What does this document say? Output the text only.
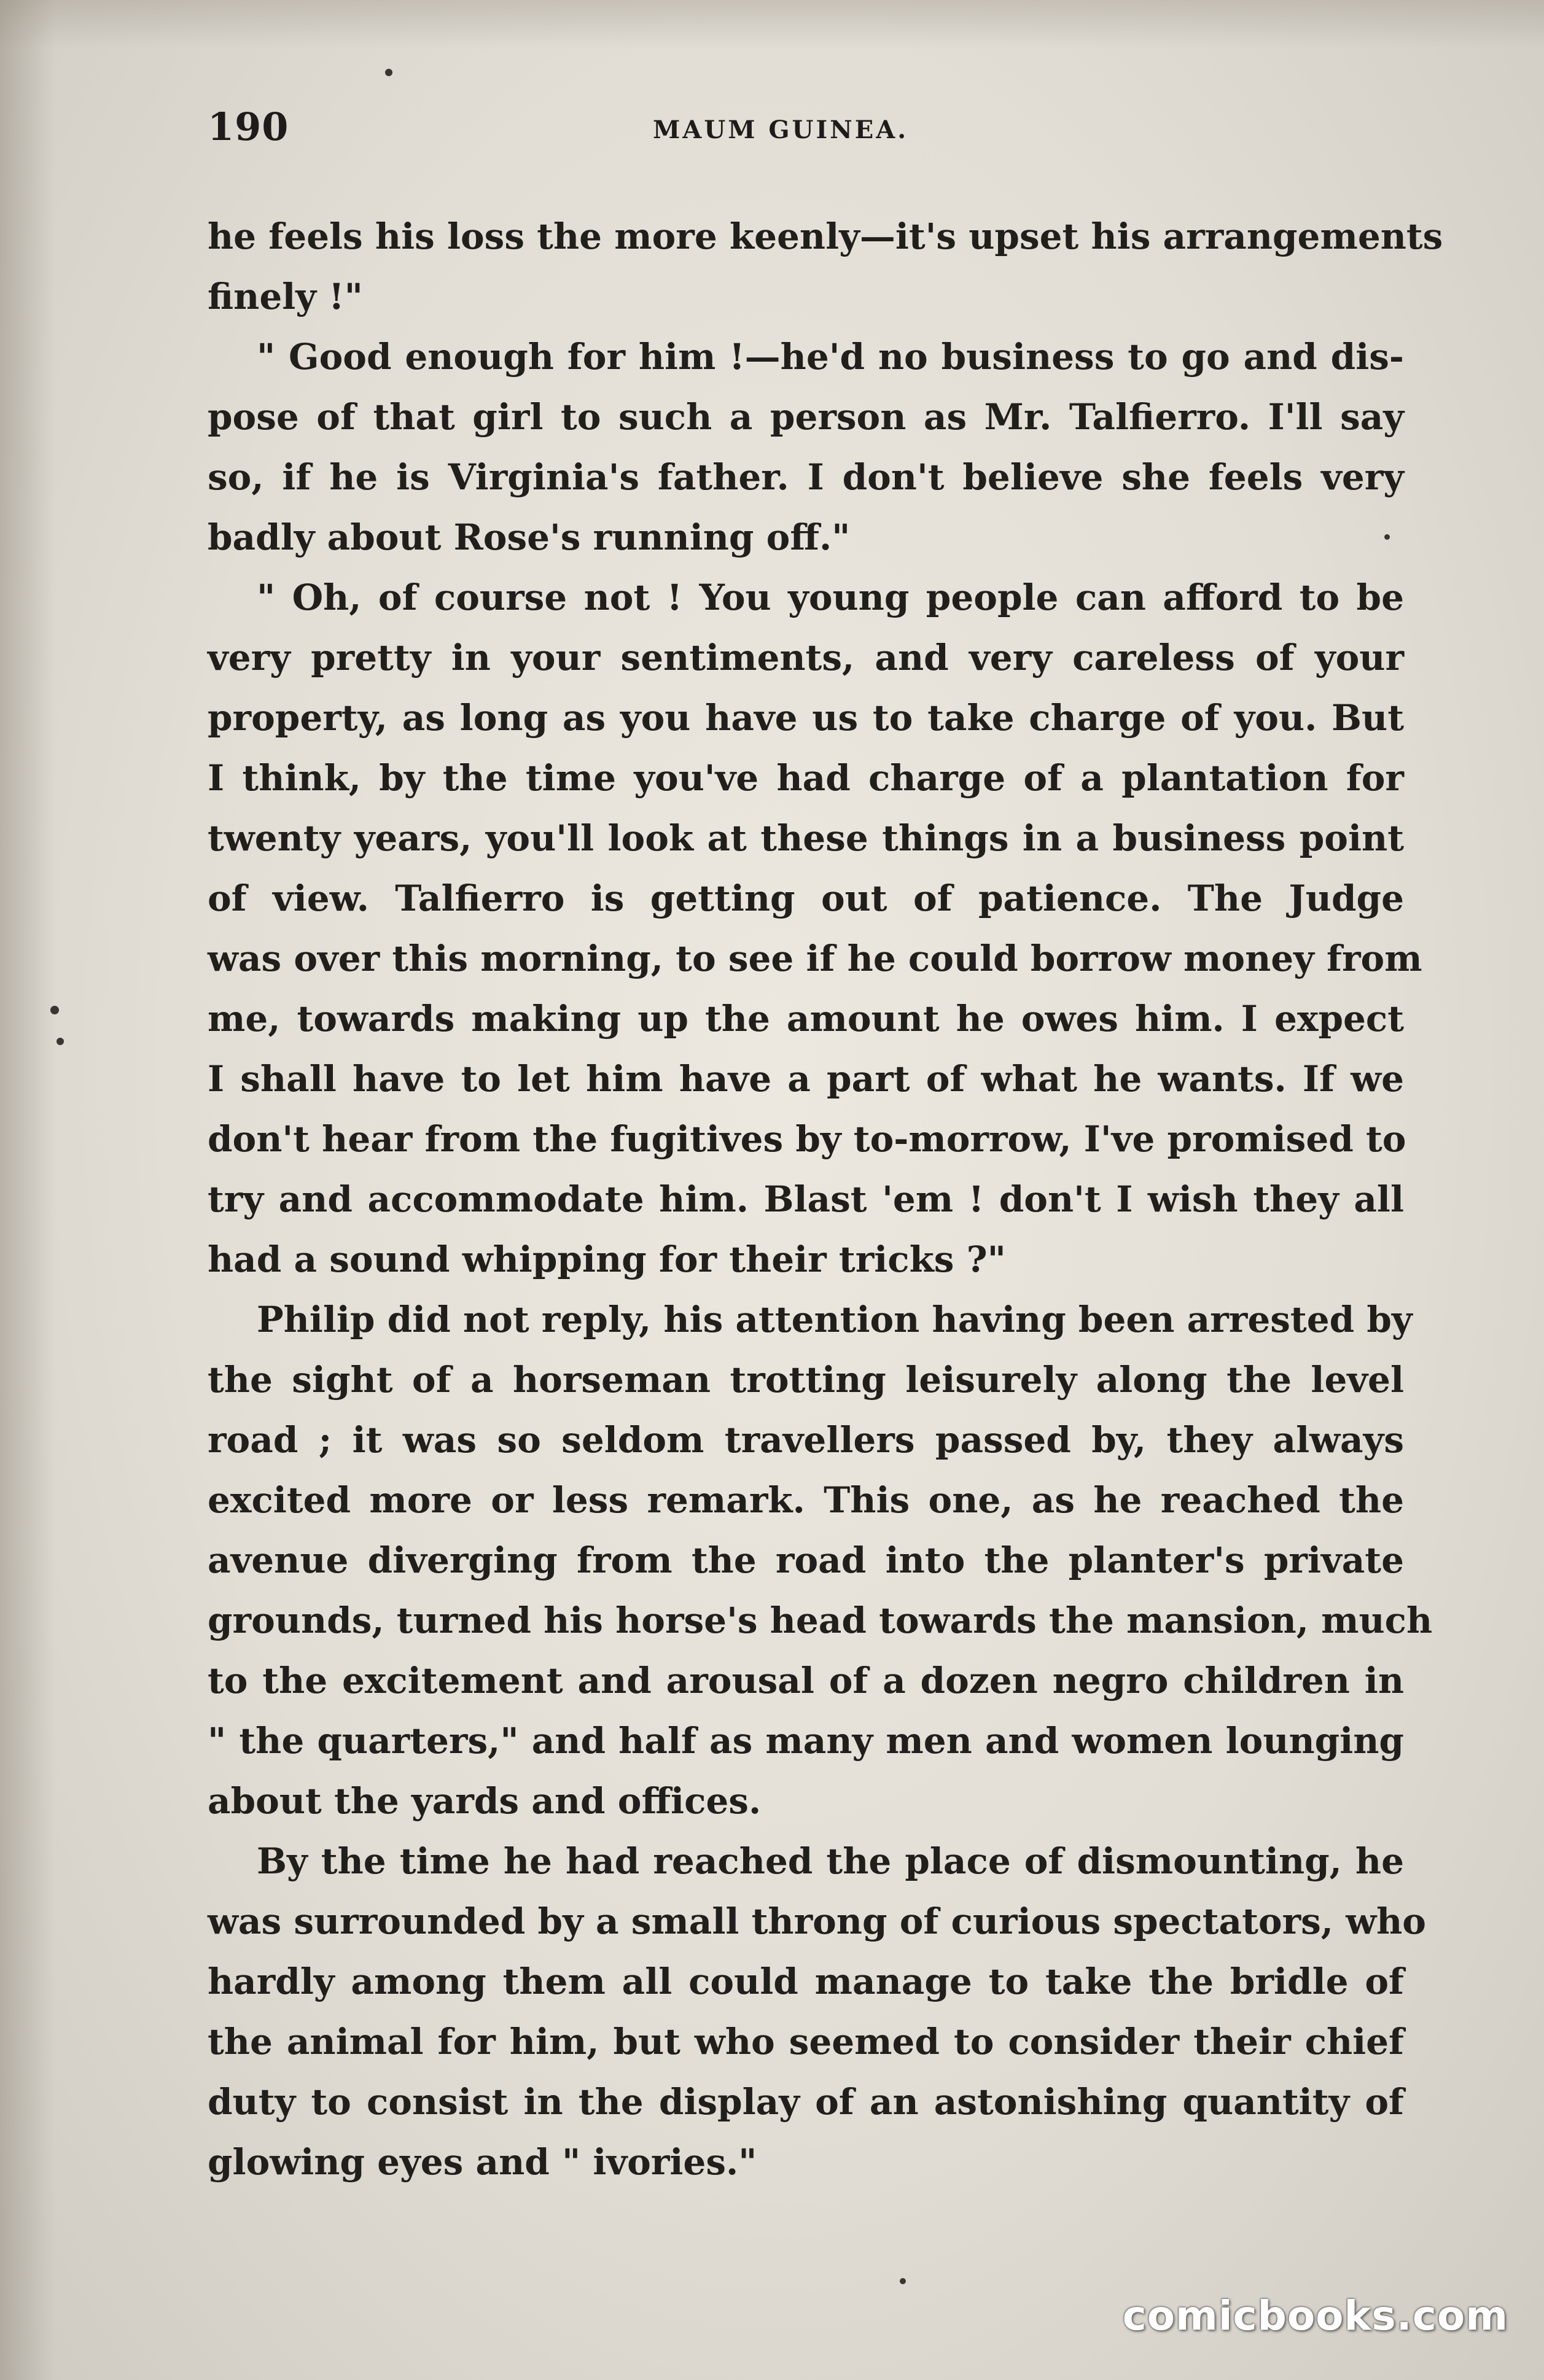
190	MAUM GUINEA.
he feels his loss the more keenly—it's upset his arrangements
finely !"
" Good enough for him !—he'd no business to go and dis-
pose of that girl to such a person as Mr. Talfierro. I'll say
so, if he is Virginia's father. I don't believe she feels very
badly about Rose's running off."
" Oh, of course not ! You young people can afford to be
very pretty in your sentiments, and very careless of your
property, as long as you have us to take charge of you. But
I think, by the time you've had charge of a plantation for
twenty years, you'll look at these things in a business point
of view. Talfierro is getting out of patience. The Judge
was over this morning, to see if he could borrow money from
me, towards making up the amount he owes him. I expect
I shall have to let him have a part of what he wants. If we
don't hear from the fugitives by to-morrow, I've promised to
try and accommodate him. Blast 'em ! don't I wish they all
had a sound whipping for their tricks ?"
Philip did not reply, his attention having been arrested by
the sight of a horseman trotting leisurely along the level
road ; it was so seldom travellers passed by, they always
excited more or less remark. This one, as he reached the
avenue diverging from the road into the planter's private
grounds, turned his horse's head towards the mansion, much
to the excitement and arousal of a dozen negro children in
" the quarters," and half as many men and women lounging
about the yards and offices.
By the time he had reached the place of dismounting, he
was surrounded by a small throng of curious spectators, who
hardly among them all could manage to take the bridle of
the animal for him, but who seemed to consider their chief
duty to consist in the display of an astonishing quantity of
glowing eyes and " ivories."
comicbooks.com
